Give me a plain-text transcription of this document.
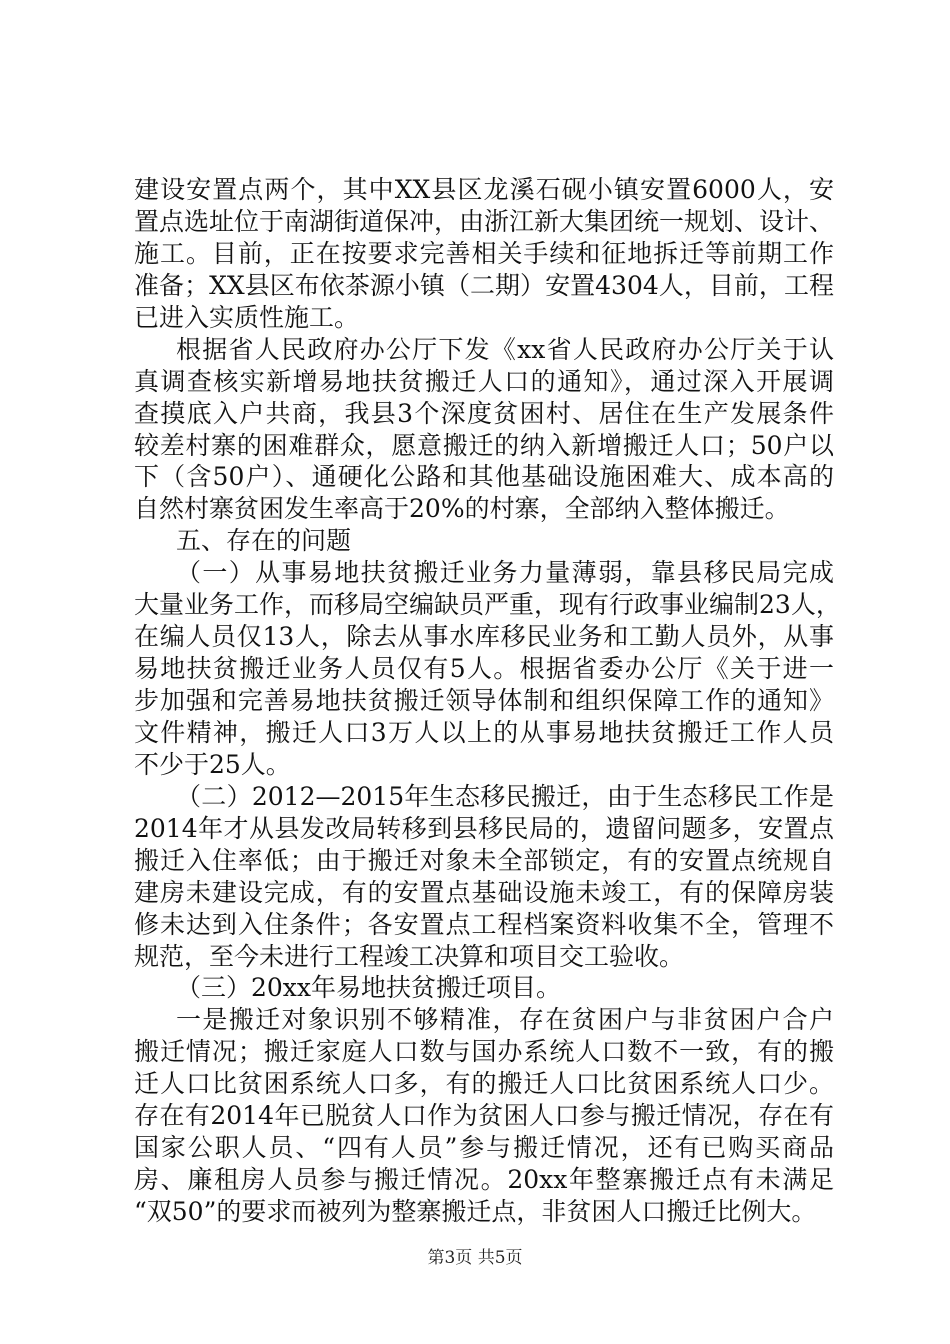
建设安置点两个，其中XX县区龙溪石砚小镇安置6000人，安
置点选址位于南湖街道保冲，由浙江新大集团统一规划、设计、
施工。目前，正在按要求完善相关手续和征地拆迁等前期工作
准备；XX县区布依茶源小镇（二期）安置4304人，目前，工程
已进入实质性施工。
根据省人民政府办公厅下发《xx省人民政府办公厅关于认
真调查核实新增易地扶贫搬迁人口的通知》，通过深入开展调
查摸底入户共商，我县3个深度贫困村、居住在生产发展条件
较差村寨的困难群众，愿意搬迁的纳入新增搬迁人口；50户以
下（含50户）、通硬化公路和其他基础设施困难大、成本高的
自然村寨贫困发生率高于20%的村寨，全部纳入整体搬迁。
五、存在的问题
（一）从事易地扶贫搬迁业务力量薄弱，靠县移民局完成
大量业务工作，而移局空编缺员严重，现有行政事业编制23人，
在编人员仅13人，除去从事水库移民业务和工勤人员外，从事
易地扶贫搬迁业务人员仅有5人。根据省委办公厅《关于进一
步加强和完善易地扶贫搬迁领导体制和组织保障工作的通知》
文件精神，搬迁人口3万人以上的从事易地扶贫搬迁工作人员
不少于25人。
（二）2012—2015年生态移民搬迁，由于生态移民工作是
2014年才从县发改局转移到县移民局的，遗留问题多，安置点
搬迁入住率低；由于搬迁对象未全部锁定，有的安置点统规自
建房未建设完成，有的安置点基础设施未竣工，有的保障房装
修未达到入住条件；各安置点工程档案资料收集不全，管理不
规范，至今未进行工程竣工决算和项目交工验收。
（三）20xx年易地扶贫搬迁项目。
一是搬迁对象识别不够精准，存在贫困户与非贫困户合户
第3页 共5页
搬迁情况；搬迁家庭人口数与国办系统人口数不一致，有的搬
迁人口比贫困系统人口多，有的搬迁人口比贫困系统人口少。
存在有2014年已脱贫人口作为贫困人口参与搬迁情况，存在有
国家公职人员、“四有人员”参与搬迁情况，还有已购买商品
房、廉租房人员参与搬迁情况。20xx年整寨搬迁点有未满足
“双50”的要求而被列为整寨搬迁点，非贫困人口搬迁比例大。
